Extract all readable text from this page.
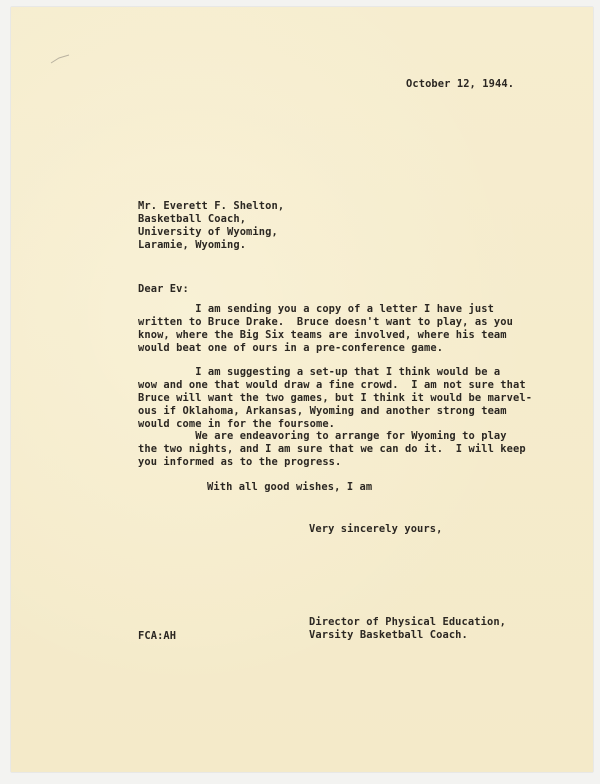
October 12, 1944.
Mr. Everett F. Shelton,
Basketball Coach,
University of Wyoming,
Laramie, Wyoming.
Dear Ev:
I am sending you a copy of a letter I have just
written to Bruce Drake.  Bruce doesn't want to play, as you
know, where the Big Six teams are involved, where his team
would beat one of ours in a pre-conference game.
I am suggesting a set-up that I think would be a
wow and one that would draw a fine crowd.  I am not sure that
Bruce will want the two games, but I think it would be marvel-
ous if Oklahoma, Arkansas, Wyoming and another strong team
would come in for the foursome.
We are endeavoring to arrange for Wyoming to play
the two nights, and I am sure that we can do it.  I will keep
you informed as to the progress.
With all good wishes, I am
Very sincerely yours,
Director of Physical Education,
Varsity Basketball Coach.
FCA:AH
